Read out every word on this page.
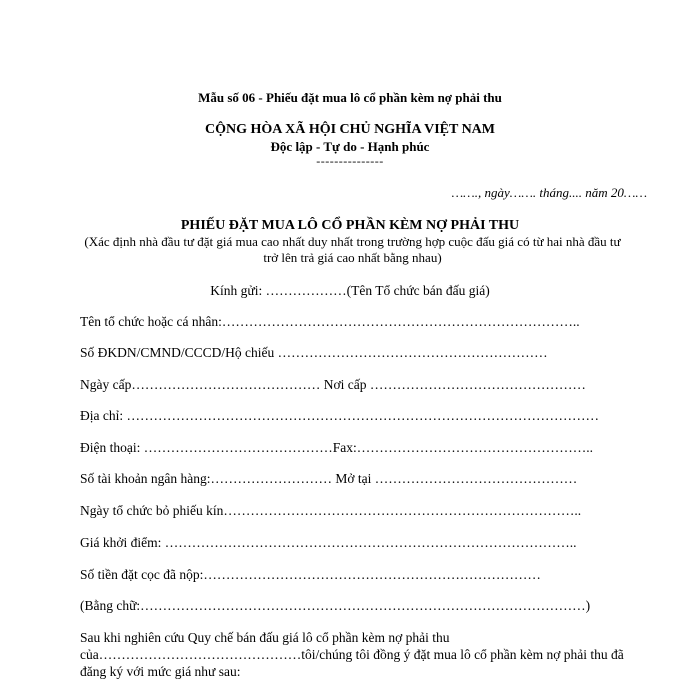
Mẫu số 06 - Phiếu đặt mua lô cổ phần kèm nợ phải thu
CỘNG HÒA XÃ HỘI CHỦ NGHĨA VIỆT NAM
Độc lập - Tự do - Hạnh phúc
---------------
……., ngày……. tháng.... năm 20……
PHIẾU ĐẶT MUA LÔ CỔ PHẦN KÈM NỢ PHẢI THU
(Xác định nhà đầu tư đặt giá mua cao nhất duy nhất trong trường hợp cuộc đấu giá có từ hai nhà đầu tư trở lên trả giá cao nhất bằng nhau)
Kính gửi: ………………(Tên Tổ chức bán đấu giá)
Tên tổ chức hoặc cá nhân:……………………………………………………………………..
Số ĐKDN/CMND/CCCD/Hộ chiếu ……………………………………………………
Ngày cấp…………………………………… Nơi cấp …………………………………………
Địa chỉ: ……………………………………………………………………………………………
Điện thoại: ……………………………………Fax:……………………………………………..
Số tài khoản ngân hàng:……………………… Mở tại ………………………………………
Ngày tổ chức bỏ phiếu kín……………………………………………………………………..
Giá khởi điểm: ………………………………………………………………………………..
Số tiền đặt cọc đã nộp:…………………………………………………………………
(Bằng chữ:………………………………………………………………………………………)
Sau khi nghiên cứu Quy chế bán đấu giá lô cổ phần kèm nợ phải thu của………………………………………tôi/chúng tôi đồng ý đặt mua lô cổ phần kèm nợ phải thu đã đăng ký với mức giá như sau:
